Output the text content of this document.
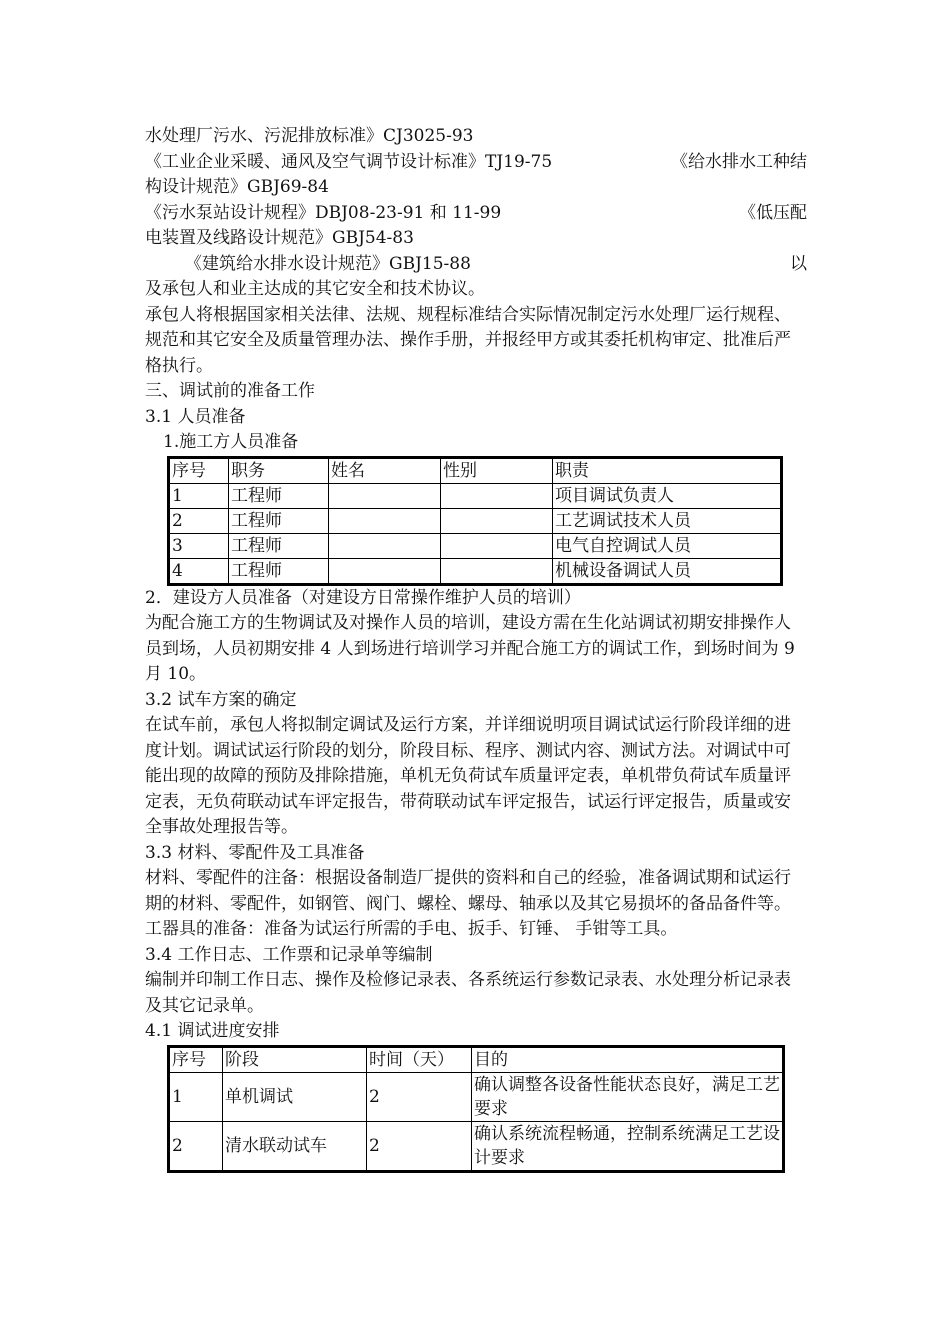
水处理厂污水、污泥排放标准》CJ3025-93

《工业企业采暖、通风及空气调节设计标准》TJ19-75	《给水排水工种结

构设计规范》GBJ69-84

《污水泵站设计规程》DBJ08-23-91 和 11-99	《低压配

电装置及线路设计规范》GBJ54-83

《建筑给水排水设计规范》GBJ15-88	以

及承包人和业主达成的其它安全和技术协议。

承包人将根据国家相关法律、法规、规程标准结合实际情况制定污水处理厂运行规程、规范和其它安全及质量管理办法、操作手册，并报经甲方或其委托机构审定、批准后严格执行。

三、调试前的准备工作

3.1 人员准备

1.施工方人员准备

序号	职务	姓名	性别	职责
1	工程师			项目调试负责人
2	工程师			工艺调试技术人员
3	工程师			电气自控调试人员
4	工程师			机械设备调试人员

2．建设方人员准备（对建设方日常操作维护人员的培训）

为配合施工方的生物调试及对操作人员的培训，建设方需在生化站调试初期安排操作人员到场，人员初期安排 4 人到场进行培训学习并配合施工方的调试工作，到场时间为 9 月 10。

3.2 试车方案的确定

在试车前，承包人将拟制定调试及运行方案，并详细说明项目调试试运行阶段详细的进度计划。调试试运行阶段的划分，阶段目标、程序、测试内容、测试方法。对调试中可能出现的故障的预防及排除措施，单机无负荷试车质量评定表，单机带负荷试车质量评定表，无负荷联动试车评定报告，带荷联动试车评定报告，试运行评定报告，质量或安全事故处理报告等。

3.3 材料、零配件及工具准备

材料、零配件的注备：根据设备制造厂提供的资料和自己的经验，准备调试期和试运行期的材料、零配件，如钢管、阀门、螺栓、螺母、轴承以及其它易损坏的备品备件等。

工器具的准备：准备为试运行所需的手电、扳手、钉锤、 手钳等工具。

3.4 工作日志、工作票和记录单等编制

编制并印制工作日志、操作及检修记录表、各系统运行参数记录表、水处理分析记录表及其它记录单。

4.1 调试进度安排

序号	阶段	时间（天）	目的
1	单机调试	2	确认调整各设备性能状态良好，满足工艺要求
2	清水联动试车	2	确认系统流程畅通，控制系统满足工艺设计要求
